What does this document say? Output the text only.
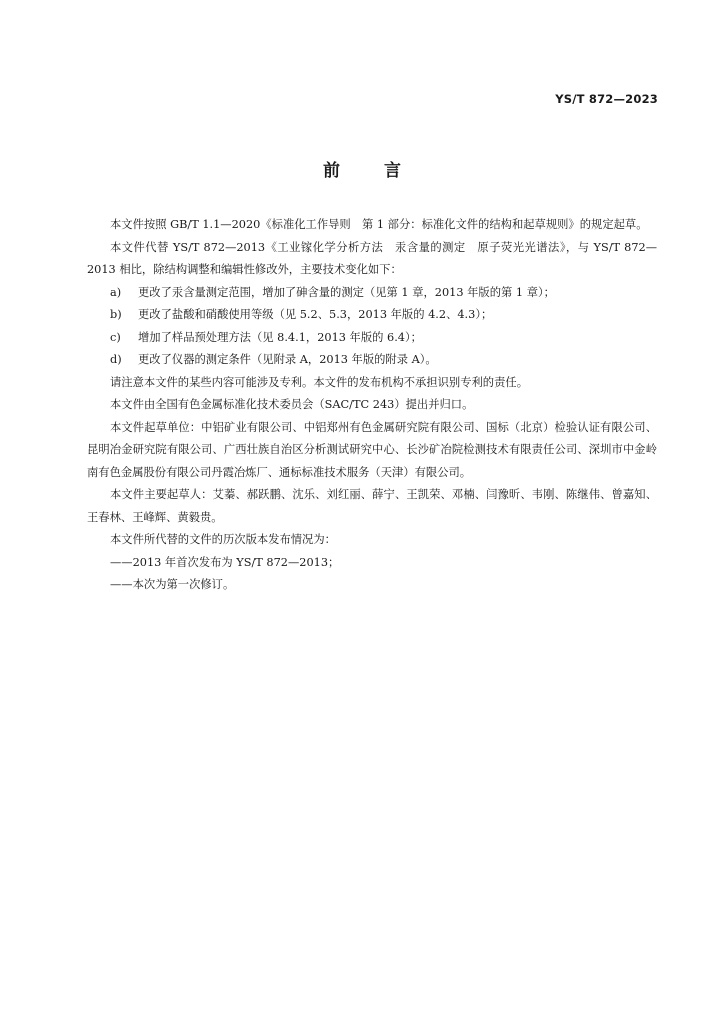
YS/T 872—2023
前	言

本文件按照 GB/T 1.1—2020《标准化工作导则　第 1 部分：标准化文件的结构和起草规则》的规定起草。

本文件代替 YS/T 872—2013《工业镓化学分析方法　汞含量的测定　原子荧光光谱法》，与 YS/T 872—2013 相比，除结构调整和编辑性修改外，主要技术变化如下：

a) 更改了汞含量测定范围，增加了砷含量的测定（见第 1 章，2013 年版的第 1 章）；

b) 更改了盐酸和硝酸使用等级（见 5.2、5.3，2013 年版的 4.2、4.3）；

c) 增加了样品预处理方法（见 8.4.1，2013 年版的 6.4）；

d) 更改了仪器的测定条件（见附录 A，2013 年版的附录 A）。

请注意本文件的某些内容可能涉及专利。本文件的发布机构不承担识别专利的责任。

本文件由全国有色金属标准化技术委员会（SAC/TC 243）提出并归口。

本文件起草单位：中铝矿业有限公司、中铝郑州有色金属研究院有限公司、国标（北京）检验认证有限公司、昆明冶金研究院有限公司、广西壮族自治区分析测试研究中心、长沙矿冶院检测技术有限责任公司、深圳市中金岭南有色金属股份有限公司丹霞冶炼厂、通标标准技术服务（天津）有限公司。

本文件主要起草人：艾蓁、郝跃鹏、沈乐、刘红丽、薛宁、王凯荣、邓楠、闫豫昕、韦刚、陈继伟、曾嘉知、王春林、王峰辉、黄毅贵。

本文件所代替的文件的历次版本发布情况为：

——2013 年首次发布为 YS/T 872—2013；

——本次为第一次修订。
